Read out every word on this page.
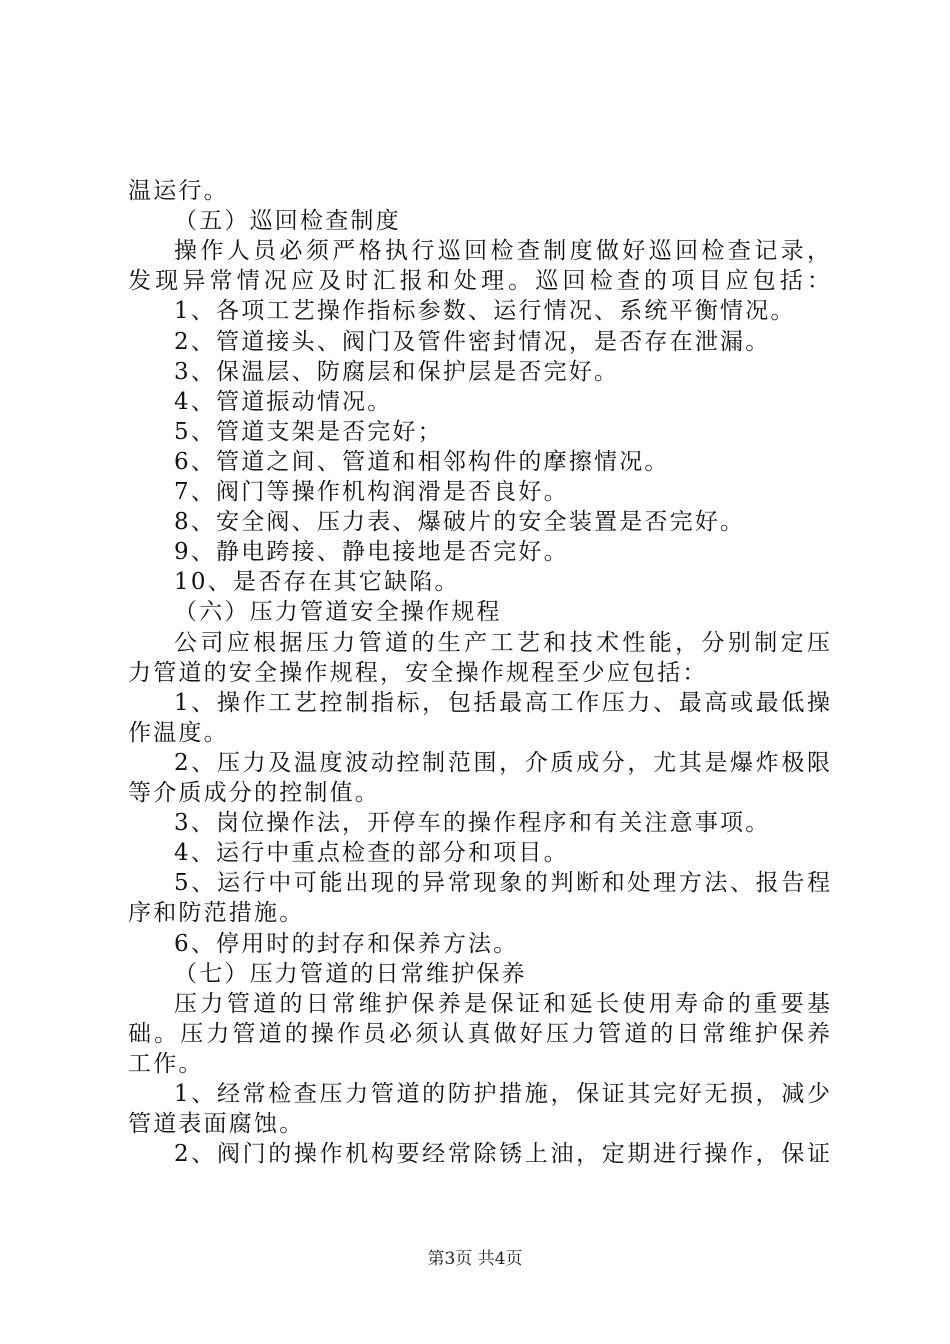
温运行。
（五）巡回检查制度
操作人员必须严格执行巡回检查制度做好巡回检查记录，
发现异常情况应及时汇报和处理。巡回检查的项目应包括：
1、各项工艺操作指标参数、运行情况、系统平衡情况。
2、管道接头、阀门及管件密封情况，是否存在泄漏。
3、保温层、防腐层和保护层是否完好。
4、管道振动情况。
5、管道支架是否完好；
6、管道之间、管道和相邻构件的摩擦情况。
7、阀门等操作机构润滑是否良好。
8、安全阀、压力表、爆破片的安全装置是否完好。
9、静电跨接、静电接地是否完好。
10、是否存在其它缺陷。
（六）压力管道安全操作规程
公司应根据压力管道的生产工艺和技术性能，分别制定压
力管道的安全操作规程，安全操作规程至少应包括：
1、操作工艺控制指标，包括最高工作压力、最高或最低操
作温度。
2、压力及温度波动控制范围，介质成分，尤其是爆炸极限
等介质成分的控制值。
3、岗位操作法，开停车的操作程序和有关注意事项。
4、运行中重点检查的部分和项目。
5、运行中可能出现的异常现象的判断和处理方法、报告程
序和防范措施。
6、停用时的封存和保养方法。
（七）压力管道的日常维护保养
压力管道的日常维护保养是保证和延长使用寿命的重要基
础。压力管道的操作员必须认真做好压力管道的日常维护保养
工作。
1、经常检查压力管道的防护措施，保证其完好无损，减少
管道表面腐蚀。
2、阀门的操作机构要经常除锈上油，定期进行操作，保证
第3页 共4页
